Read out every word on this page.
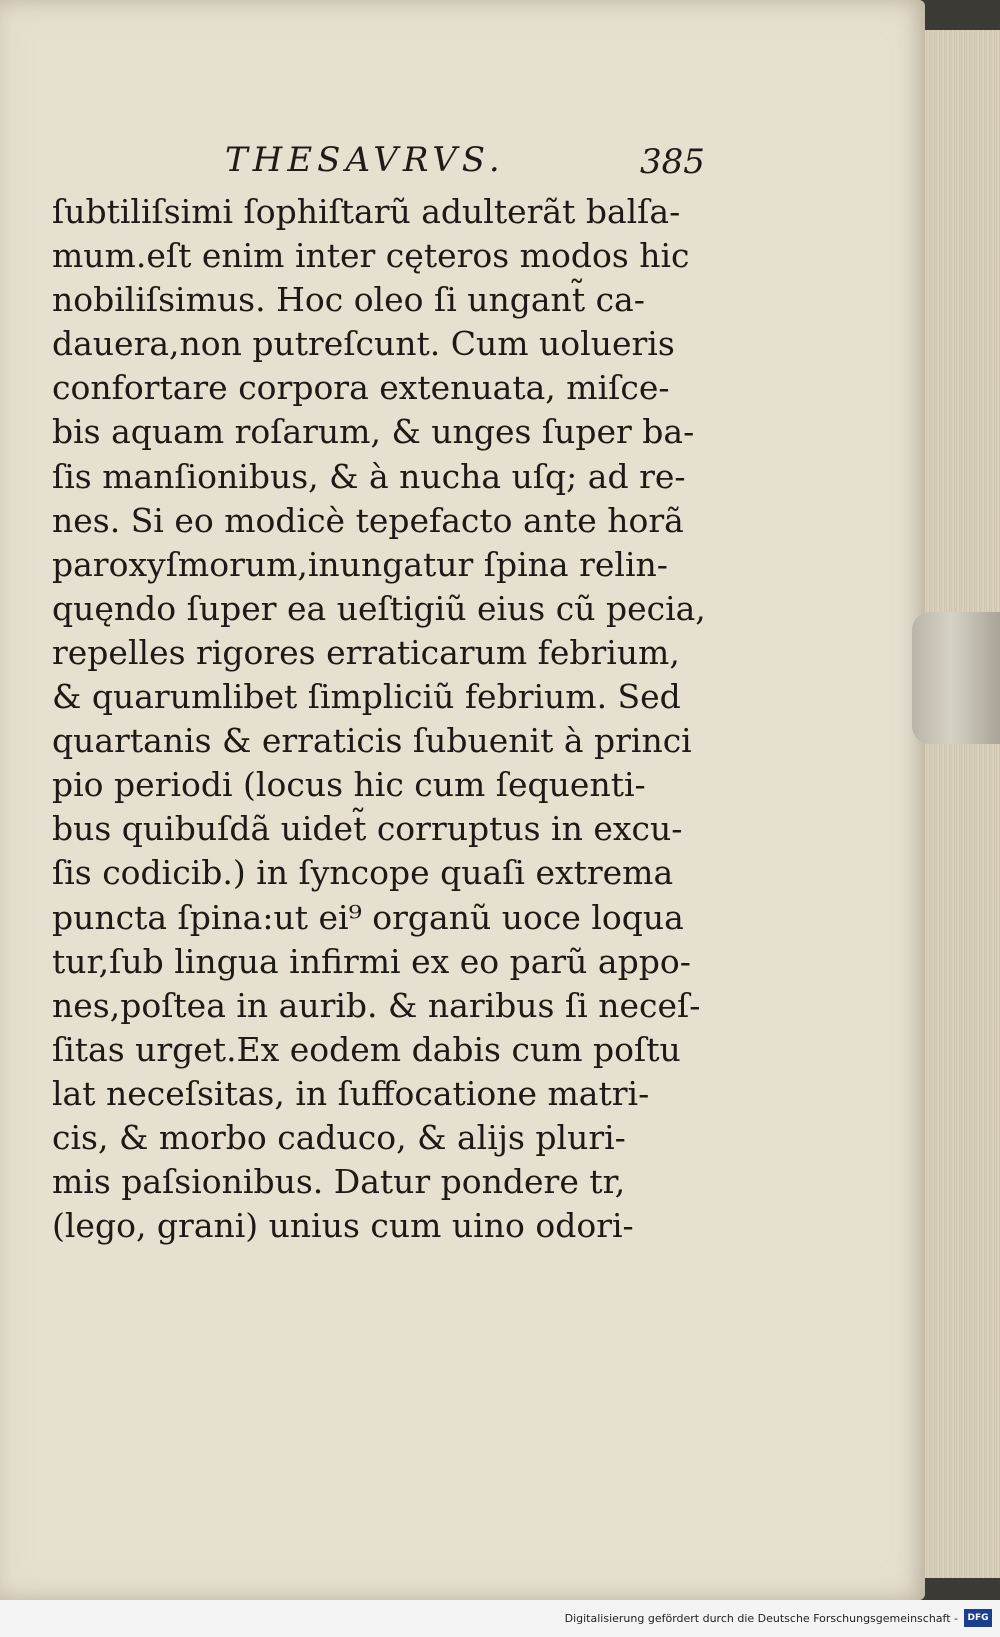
THESAVRVS.	385
ſubtiliſsimi ſophiſtarũ adulterãt balſa-
mum.eſt enim inter cęteros modos hic
nobiliſsimus. Hoc oleo ſi ungant̃ ca-
dauera,non putreſcunt. Cum uolueris
confortare corpora extenuata, miſce-
bis aquam roſarum, & unges ſuper ba-
ſis manſionibus, & à nucha uſq; ad re-
nes. Si eo modicè tepefacto ante horã
paroxyſmorum,inungatur ſpina relin-
quęndo ſuper ea ueſtigiũ eius cũ pecia,
repelles rigores erraticarum febrium,
& quarumlibet ſimpliciũ febrium. Sed
quartanis & erraticis ſubuenit à princi
pio periodi (locus hic cum ſequenti-
bus quibuſdã uidet̃ corruptus in excu-
ſis codicib.) in ſyncope quaſi extrema
puncta ſpina:ut ei⁹ organũ uoce loqua
tur,ſub lingua infirmi ex eo parũ appo-
nes,poſtea in aurib. & naribus ſi neceſ-
ſitas urget.Ex eodem dabis cum poſtu
lat neceſsitas, in ſuffocatione matri-
cis, & morbo caduco, & alijs pluri-
mis paſsionibus. Datur pondere tr,
(lego, grani) unius cum uino odori-
Digitalisierung gefördert durch die Deutsche Forschungsgemeinschaft -	DFG
